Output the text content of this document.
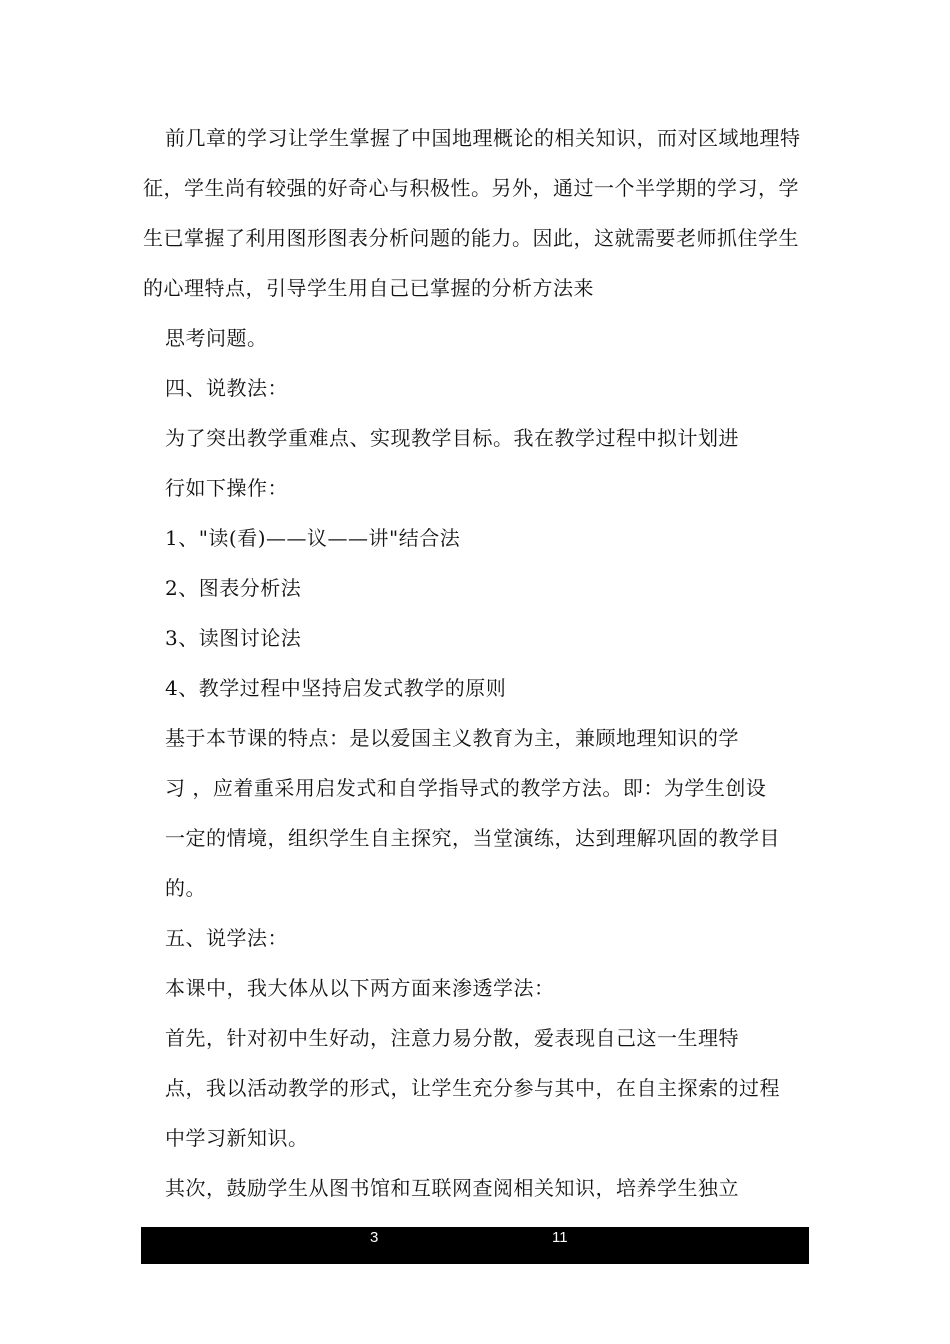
前几章的学习让学生掌握了中国地理概论的相关知识，而对区域地理特
征，学生尚有较强的好奇心与积极性。另外，通过一个半学期的学习，学
生已掌握了利用图形图表分析问题的能力。因此，这就需要老师抓住学生
的心理特点，引导学生用自己已掌握的分析方法来
思考问题。
四、说教法：
为了突出教学重难点、实现教学目标。我在教学过程中拟计划进
行如下操作：
1、"读(看)——议——讲"结合法
2、图表分析法
3、读图讨论法
4、教学过程中坚持启发式教学的原则
基于本节课的特点：是以爱国主义教育为主，兼顾地理知识的学
习 ，应着重采用启发式和自学指导式的教学方法。即：为学生创设
一定的情境，组织学生自主探究，当堂演练，达到理解巩固的教学目
的。
五、说学法：
本课中，我大体从以下两方面来渗透学法：
首先，针对初中生好动，注意力易分散，爱表现自己这一生理特
点，我以活动教学的形式，让学生充分参与其中，在自主探索的过程
中学习新知识。
其次，鼓励学生从图书馆和互联网查阅相关知识，培养学生独立
3	11
